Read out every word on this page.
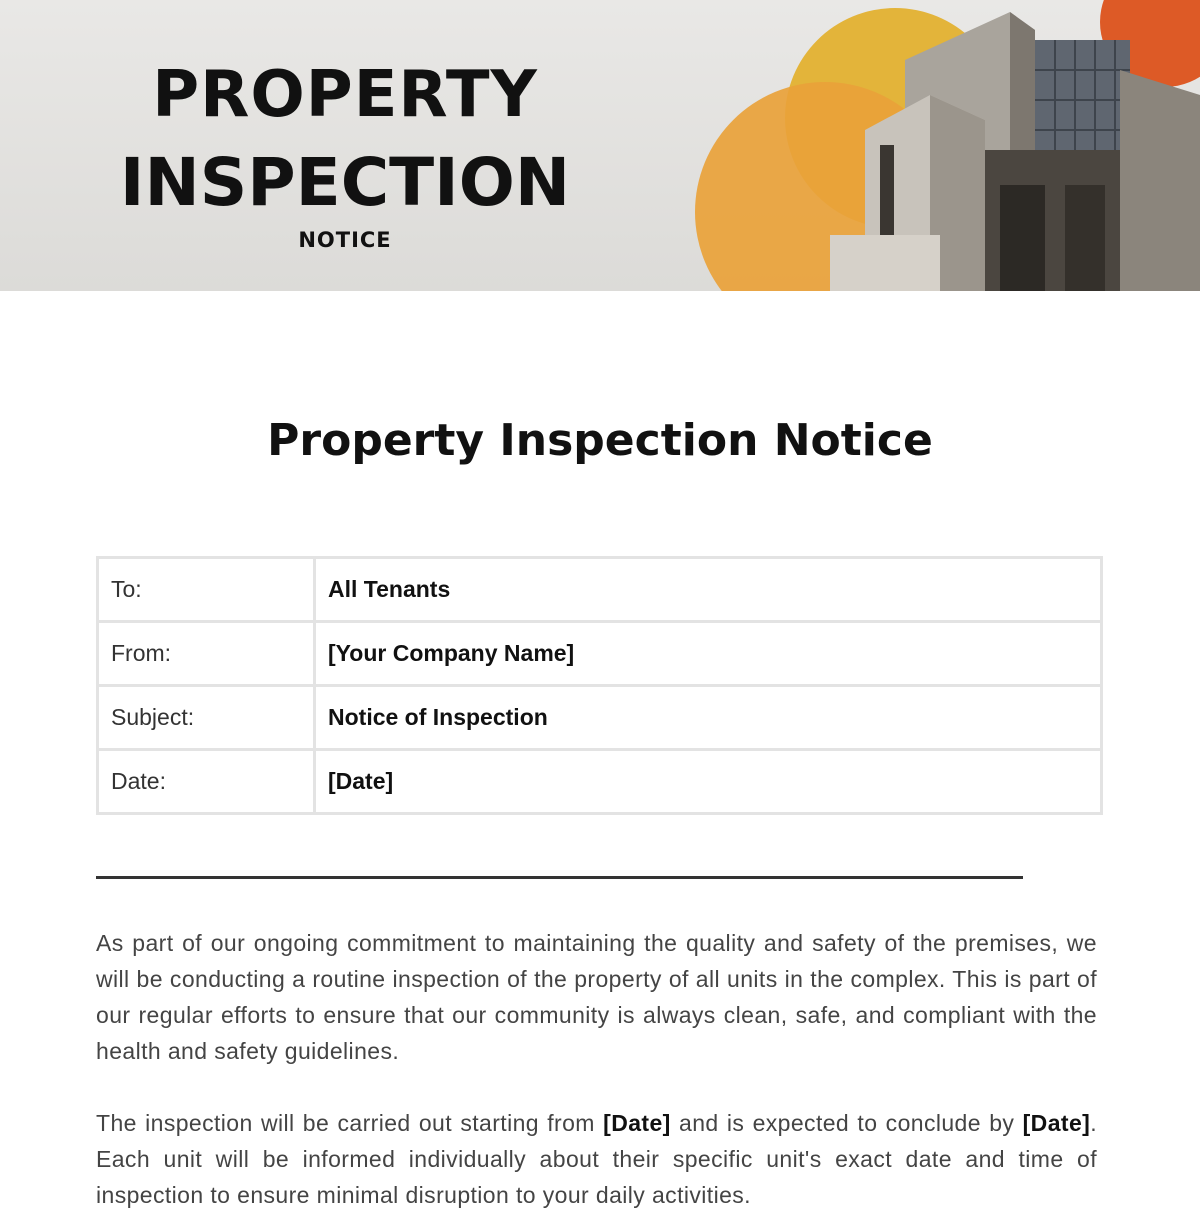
PROPERTY
INSPECTION
NOTICE
Property Inspection Notice
To:	All Tenants
From:	[Your Company Name]
Subject:	Notice of Inspection
Date:	[Date]

As part of our ongoing commitment to maintaining the quality and safety of the premises, we will be conducting a routine inspection of the property of all units in the complex. This is part of our regular efforts to ensure that our community is always clean, safe, and compliant with the health and safety guidelines.

The inspection will be carried out starting from [Date] and is expected to conclude by [Date]. Each unit will be informed individually about their specific unit's exact date and time of inspection to ensure minimal disruption to your daily activities.
